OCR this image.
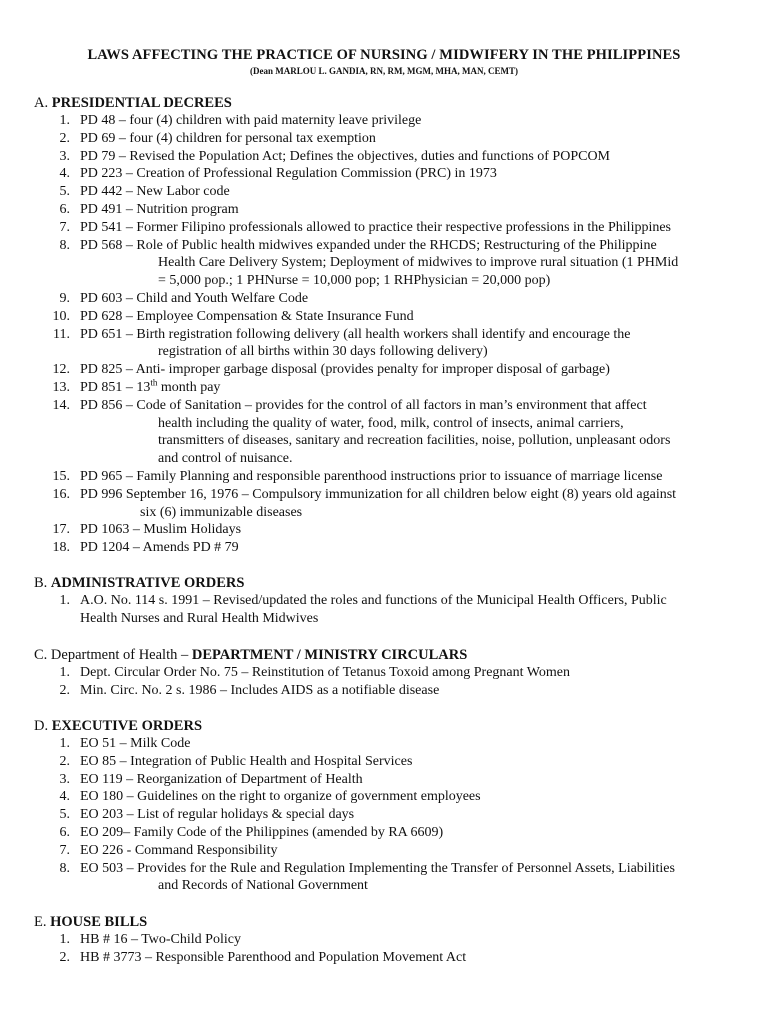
LAWS AFFECTING THE PRACTICE OF NURSING / MIDWIFERY IN THE PHILIPPINES
(Dean MARLOU L. GANDIA, RN, RM, MGM, MHA, MAN, CEMT)
A. PRESIDENTIAL DECREES
1. PD 48 – four (4) children with paid maternity leave privilege
2. PD 69 – four (4) children for personal tax exemption
3. PD 79 – Revised the Population Act; Defines the objectives, duties and functions of POPCOM
4. PD 223 – Creation of Professional Regulation Commission (PRC) in 1973
5. PD 442 – New Labor code
6. PD 491 – Nutrition program
7. PD 541 – Former Filipino professionals allowed to practice their respective professions in the Philippines
8. PD 568 – Role of Public health midwives expanded under the RHCDS; Restructuring of the Philippine
Health Care Delivery System; Deployment of midwives to improve rural situation (1 PHMid
= 5,000 pop.; 1 PHNurse = 10,000 pop; 1 RHPhysician = 20,000 pop)
9. PD 603 – Child and Youth Welfare Code
10. PD 628 – Employee Compensation & State Insurance Fund
11. PD 651 – Birth registration following delivery (all health workers shall identify and encourage the
registration of all births within 30 days following delivery)
12. PD 825 – Anti- improper garbage disposal (provides penalty for improper disposal of garbage)
13. PD 851 – 13th month pay
14. PD 856 – Code of Sanitation – provides for the control of all factors in man’s environment that affect
health including the quality of water, food, milk, control of insects, animal carriers,
transmitters of diseases, sanitary and recreation facilities, noise, pollution, unpleasant odors
and control of nuisance.
15. PD 965 – Family Planning and responsible parenthood instructions prior to issuance of marriage license
16. PD 996 September 16, 1976 – Compulsory immunization for all children below eight (8) years old against
six (6) immunizable diseases
17. PD 1063 – Muslim Holidays
18. PD 1204 – Amends PD # 79
B. ADMINISTRATIVE ORDERS
1. A.O. No. 114 s. 1991 – Revised/updated the roles and functions of the Municipal Health Officers, Public
Health Nurses and Rural Health Midwives
C. Department of Health – DEPARTMENT / MINISTRY CIRCULARS
1. Dept. Circular Order No. 75 – Reinstitution of Tetanus Toxoid among Pregnant Women
2. Min. Circ. No. 2 s. 1986 – Includes AIDS as a notifiable disease
D. EXECUTIVE ORDERS
1. EO 51 – Milk Code
2. EO 85 – Integration of Public Health and Hospital Services
3. EO 119 – Reorganization of Department of Health
4. EO 180 – Guidelines on the right to organize of government employees
5. EO 203 – List of regular holidays & special days
6. EO 209– Family Code of the Philippines (amended by RA 6609)
7. EO 226 - Command Responsibility
8. EO 503 – Provides for the Rule and Regulation Implementing the Transfer of Personnel Assets, Liabilities
and Records of National Government
E. HOUSE BILLS
1. HB # 16 – Two-Child Policy
2. HB # 3773 – Responsible Parenthood and Population Movement Act
